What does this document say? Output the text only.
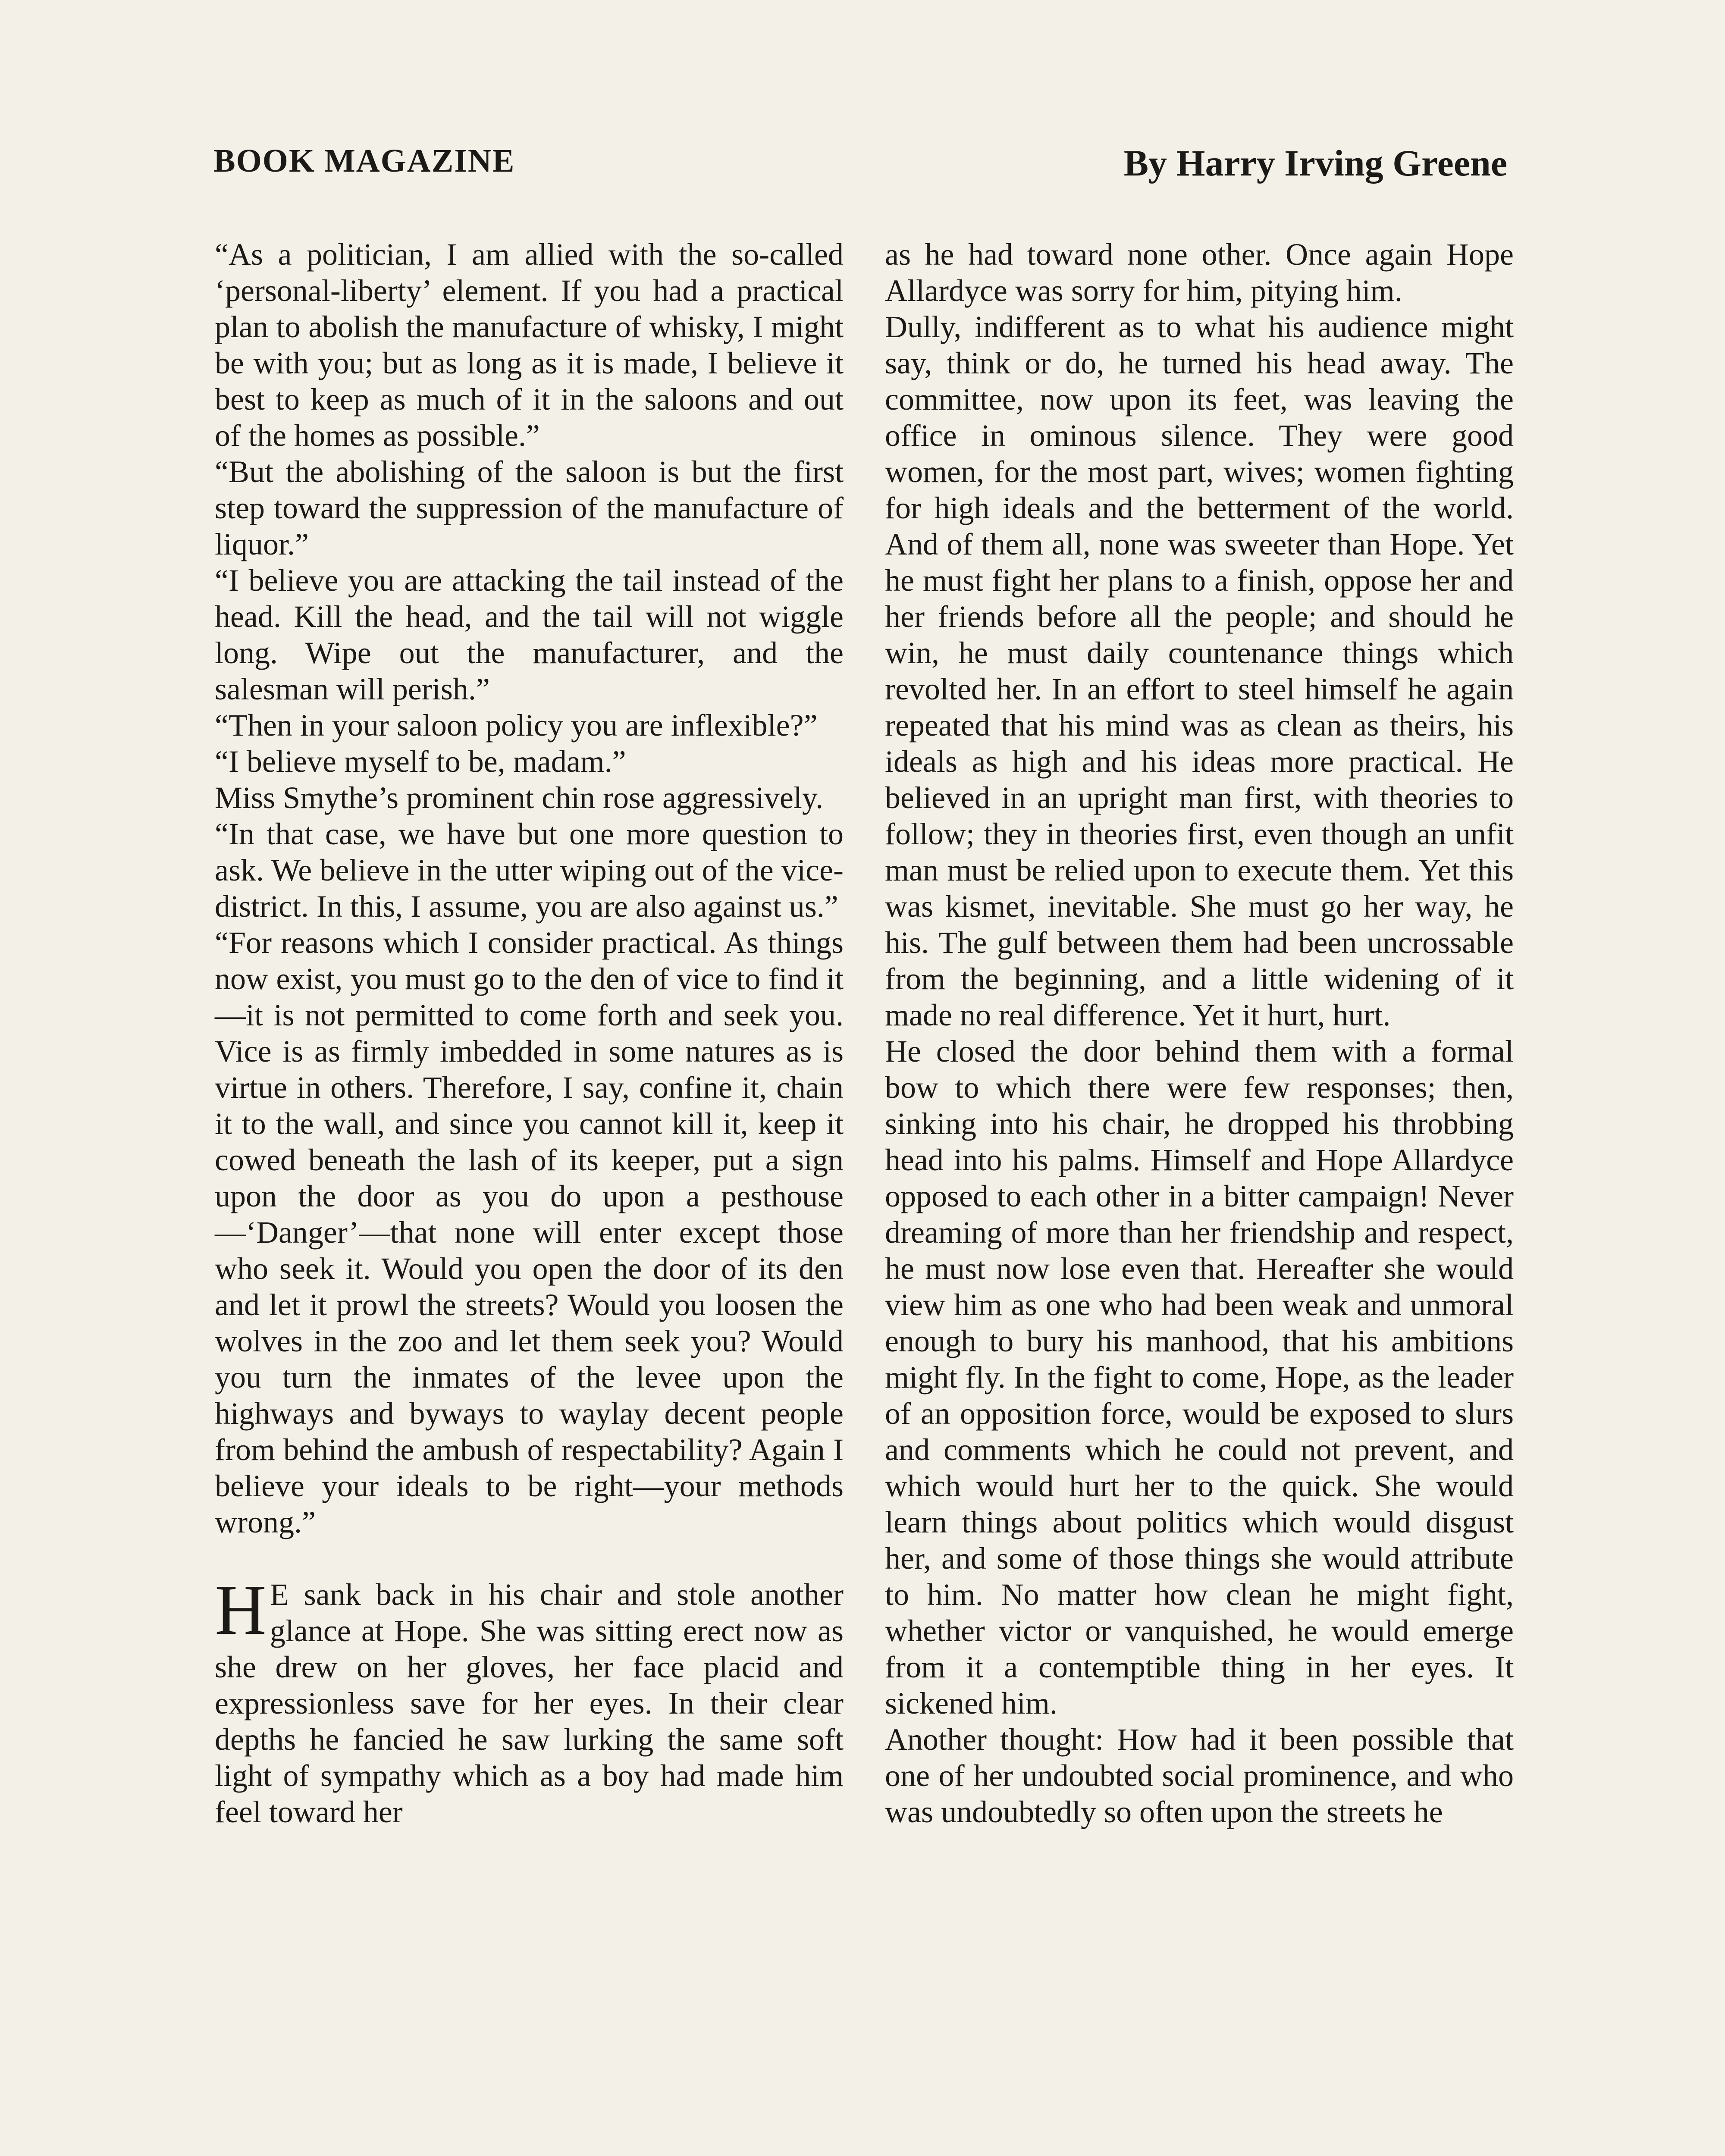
BOOK MAGAZINE	By Harry Irving Greene

“As a politician, I am allied with the so-called ‘personal-liberty’ element. If you had a practical plan to abolish the manufacture of whisky, I might be with you; but as long as it is made, I believe it best to keep as much of it in the saloons and out of the homes as possible.”

“But the abolishing of the saloon is but the first step toward the suppression of the manufacture of liquor.”

“I believe you are attacking the tail instead of the head. Kill the head, and the tail will not wiggle long. Wipe out the manufacturer, and the salesman will perish.”

“Then in your saloon policy you are inflexible?”

“I believe myself to be, madam.”

Miss Smythe’s prominent chin rose aggressively.

“In that case, we have but one more question to ask. We believe in the utter wiping out of the vice-district. In this, I assume, you are also against us.”

“For reasons which I consider practical. As things now exist, you must go to the den of vice to find it—it is not permitted to come forth and seek you. Vice is as firmly imbedded in some natures as is virtue in others. Therefore, I say, confine it, chain it to the wall, and since you cannot kill it, keep it cowed beneath the lash of its keeper, put a sign upon the door as you do upon a pesthouse—‘Danger’—that none will enter except those who seek it. Would you open the door of its den and let it prowl the streets? Would you loosen the wolves in the zoo and let them seek you? Would you turn the inmates of the levee upon the highways and byways to waylay decent people from behind the ambush of respectability? Again I believe your ideals to be right—your methods wrong.”

H E sank back in his chair and stole another glance at Hope. She was sitting erect now as she drew on her gloves, her face placid and expressionless save for her eyes. In their clear depths he fancied he saw lurking the same soft light of sympathy which as a boy had made him feel toward her

as he had toward none other. Once again Hope Allardyce was sorry for him, pitying him.

Dully, indifferent as to what his audience might say, think or do, he turned his head away. The committee, now upon its feet, was leaving the office in ominous silence. They were good women, for the most part, wives; women fighting for high ideals and the betterment of the world. And of them all, none was sweeter than Hope. Yet he must fight her plans to a finish, oppose her and her friends before all the people; and should he win, he must daily countenance things which revolted her. In an effort to steel himself he again repeated that his mind was as clean as theirs, his ideals as high and his ideas more practical. He believed in an upright man first, with theories to follow; they in theories first, even though an unfit man must be relied upon to execute them. Yet this was kismet, inevitable. She must go her way, he his. The gulf between them had been uncrossable from the beginning, and a little widening of it made no real difference. Yet it hurt, hurt.

He closed the door behind them with a formal bow to which there were few responses; then, sinking into his chair, he dropped his throbbing head into his palms. Himself and Hope Allardyce opposed to each other in a bitter campaign! Never dreaming of more than her friendship and respect, he must now lose even that. Hereafter she would view him as one who had been weak and unmoral enough to bury his manhood, that his ambitions might fly. In the fight to come, Hope, as the leader of an opposition force, would be exposed to slurs and comments which he could not prevent, and which would hurt her to the quick. She would learn things about politics which would disgust her, and some of those things she would attribute to him. No matter how clean he might fight, whether victor or vanquished, he would emerge from it a contemptible thing in her eyes. It sickened him.

Another thought: How had it been possible that one of her undoubted social prominence, and who was undoubtedly so often upon the streets he
